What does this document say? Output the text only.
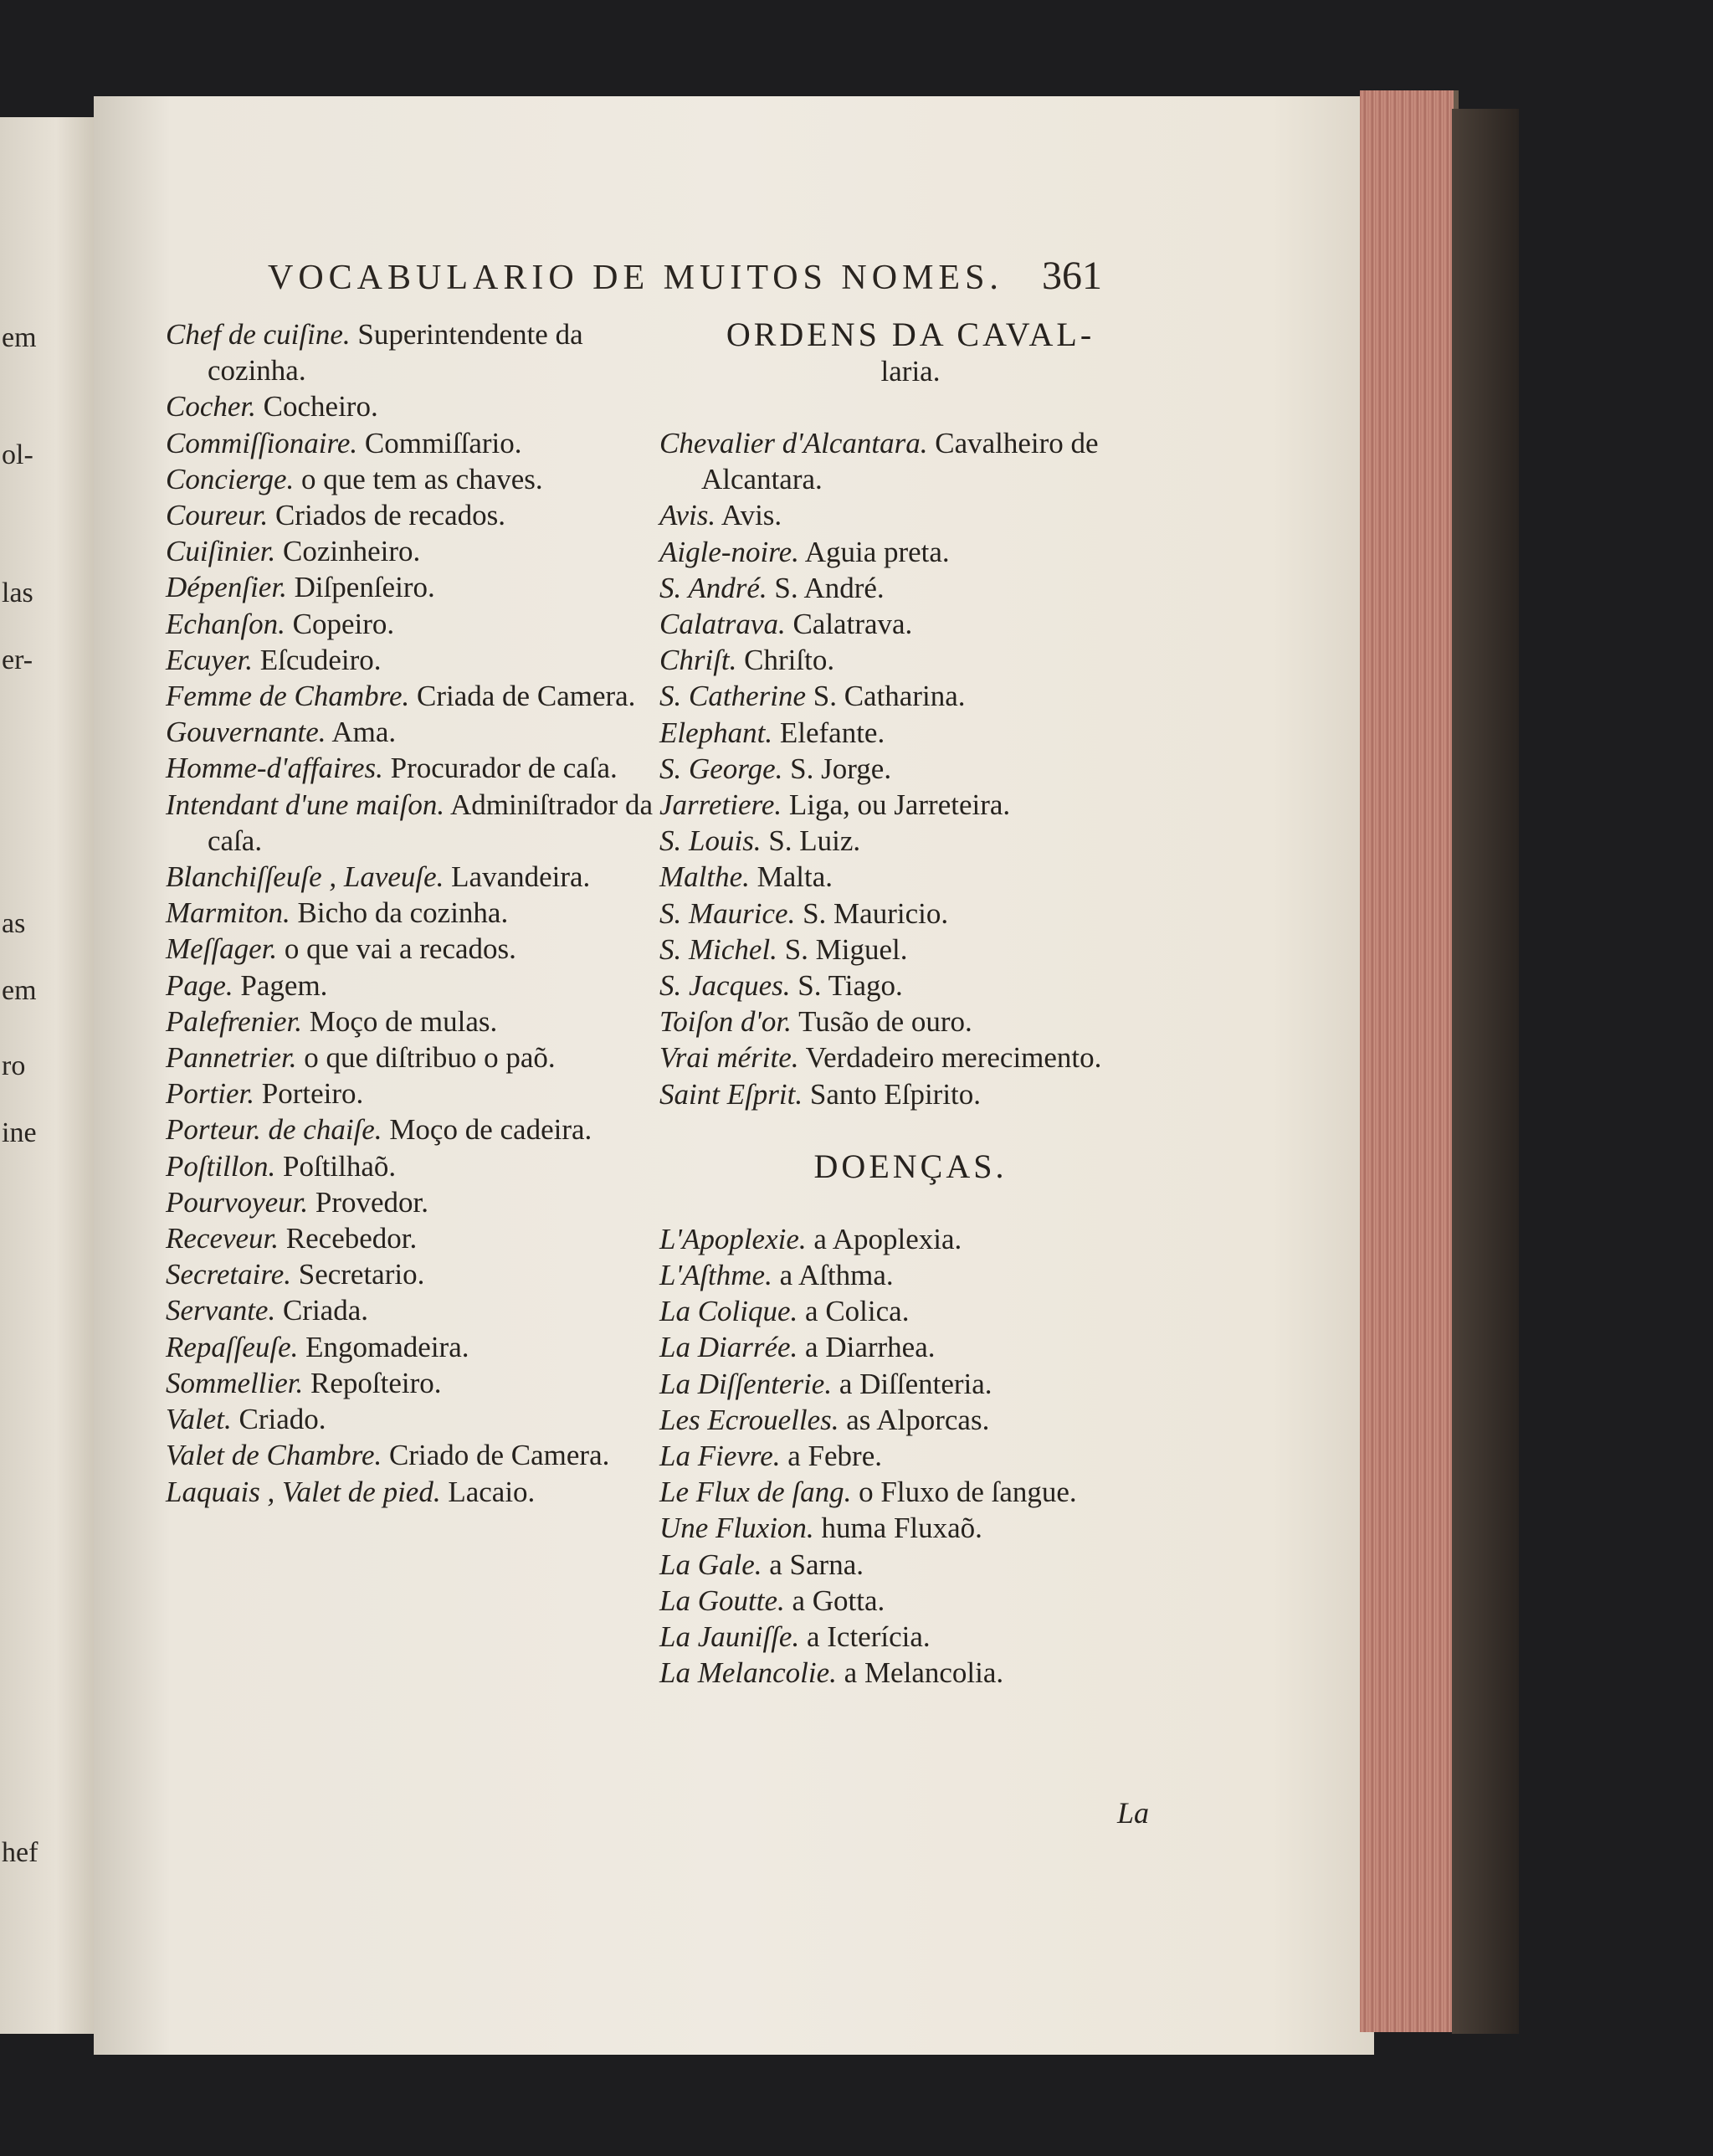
em
ol-
las
er-
as
em
ro
ine
hef
VOCABULARIO DE MUITOS NOMES. 361
Chef de cuiſine. Superintendente da cozinha.
Cocher. Cocheiro.
Commiſſionaire. Commiſſario.
Concierge. o que tem as chaves.
Coureur. Criados de recados.
Cuiſinier. Cozinheiro.
Dépenſier. Diſpenſeiro.
Echanſon. Copeiro.
Ecuyer. Eſcudeiro.
Femme de Chambre. Criada de Camera.
Gouvernante. Ama.
Homme-d'affaires. Procurador de caſa.
Intendant d'une maiſon. Adminiſtrador da caſa.
Blanchiſſeuſe , Laveuſe. Lavandeira.
Marmiton. Bicho da cozinha.
Meſſager. o que vai a recados.
Page. Pagem.
Palefrenier. Moço de mulas.
Pannetrier. o que diſtribuo o paõ.
Portier. Porteiro.
Porteur. de chaiſe. Moço de cadeira.
Poſtillon. Poſtilhaõ.
Pourvoyeur. Provedor.
Receveur. Recebedor.
Secretaire. Secretario.
Servante. Criada.
Repaſſeuſe. Engomadeira.
Sommellier. Repoſteiro.
Valet. Criado.
Valet de Chambre. Criado de Camera.
Laquais , Valet de pied. Lacaio.
ORDENS DA CAVAL-
laria.
Chevalier d'Alcantara. Cavalheiro de Alcantara.
Avis. Avis.
Aigle-noire. Aguia preta.
S. André. S. André.
Calatrava. Calatrava.
Chriſt. Chriſto.
S. Catherine S. Catharina.
Elephant. Elefante.
S. George. S. Jorge.
Jarretiere. Liga, ou Jarreteira.
S. Louis. S. Luiz.
Malthe. Malta.
S. Maurice. S. Mauricio.
S. Michel. S. Miguel.
S. Jacques. S. Tiago.
Toiſon d'or. Tusão de ouro.
Vrai mérite. Verdadeiro merecimento.
Saint Eſprit. Santo Eſpirito.
DOENÇAS.
L'Apoplexie. a Apoplexia.
L'Aſthme. a Aſthma.
La Colique. a Colica.
La Diarrée. a Diarrhea.
La Diſſenterie. a Diſſenteria.
Les Ecrouelles. as Alporcas.
La Fievre. a Febre.
Le Flux de ſang. o Fluxo de ſangue.
Une Fluxion. huma Fluxaõ.
La Gale. a Sarna.
La Goutte. a Gotta.
La Jauniſſe. a Icterícia.
La Melancolie. a Melancolia.
La
